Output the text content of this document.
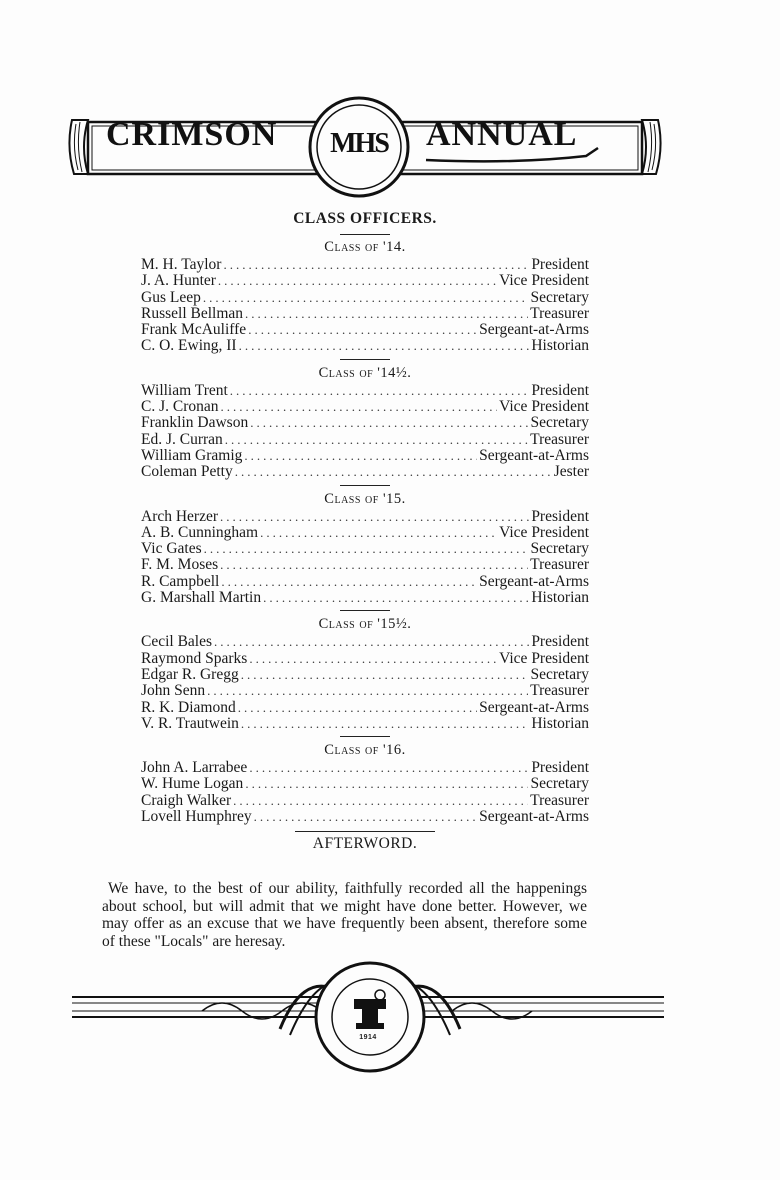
CRIMSON	MHS	ANNUAL
CLASS OFFICERS.
Class of '14.
M. H. Taylor .....	President
J. A. Hunter .....	Vice President
Gus Leep .....	Secretary
Russell Bellman .....	Treasurer
Frank McAuliffe .....	Sergeant-at-Arms
C. O. Ewing, II .....	Historian
Class of '14½.
William Trent .....	President
C. J. Cronan .....	Vice President
Franklin Dawson .....	Secretary
Ed. J. Curran .....	Treasurer
William Gramig .....	Sergeant-at-Arms
Coleman Petty .....	Jester
Class of '15.
Arch Herzer .....	President
A. B. Cunningham .....	Vice President
Vic Gates .....	Secretary
F. M. Moses .....	Treasurer
R. Campbell .....	Sergeant-at-Arms
G. Marshall Martin .....	Historian
Class of '15½.
Cecil Bales .....	President
Raymond Sparks .....	Vice President
Edgar R. Gregg .....	Secretary
John Senn .....	Treasurer
R. K. Diamond .....	Sergeant-at-Arms
V. R. Trautwein .....	Historian
Class of '16.
John A. Larrabee .....	President
W. Hume Logan .....	Secretary
Craigh Walker .....	Treasurer
Lovell Humphrey .....	Sergeant-at-Arms
AFTERWORD.

We have, to the best of our ability, faithfully recorded all the happenings about school, but will admit that we might have done better. However, we may offer as an excuse that we have frequently been absent, therefore some of these "Locals" are heresay.

1914
